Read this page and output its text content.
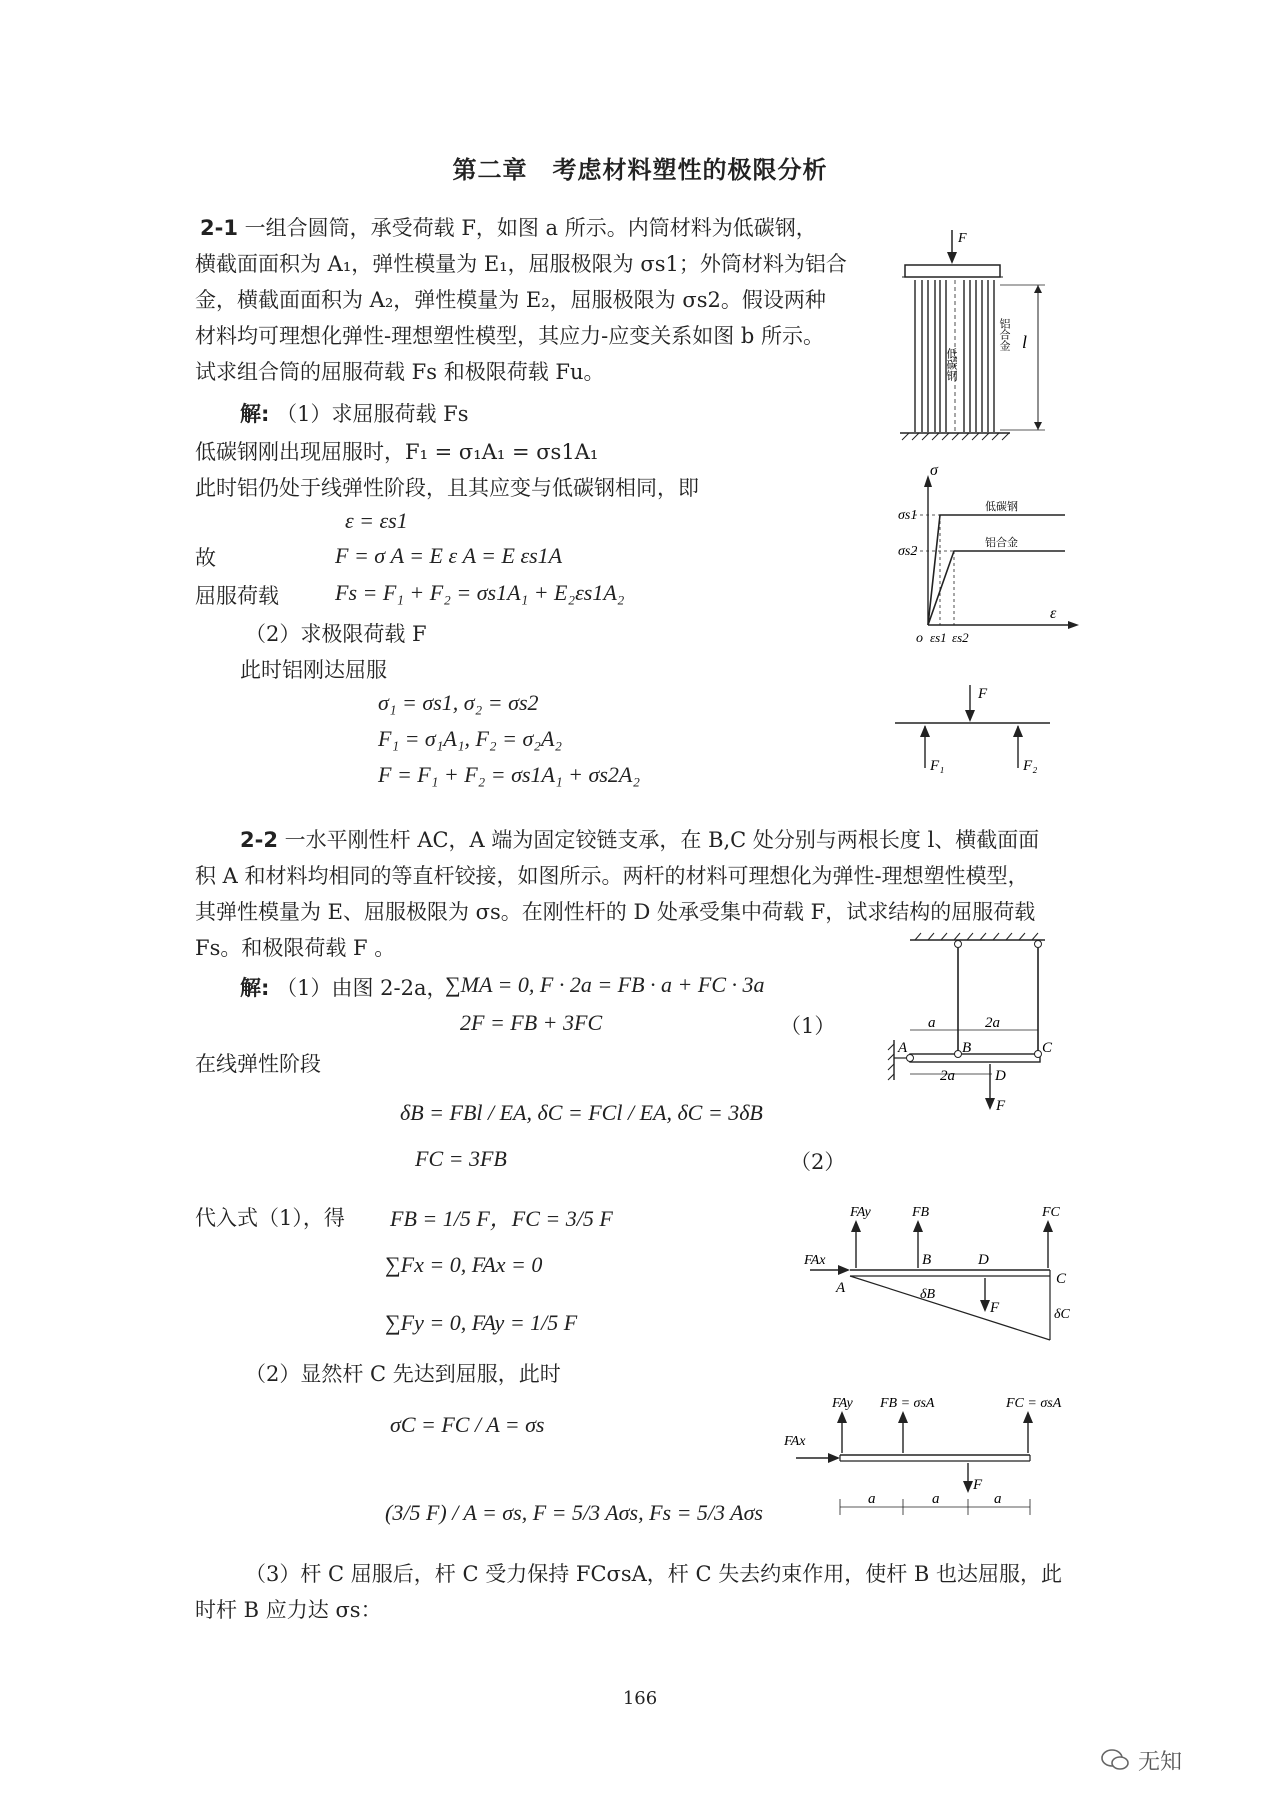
第二章　考虑材料塑性的极限分析
2-1 一组合圆筒，承受荷载 F，如图 a 所示。内筒材料为低碳钢，
横截面面积为 A₁，弹性模量为 E₁，屈服极限为 σs1；外筒材料为铝合
金，横截面面积为 A₂，弹性模量为 E₂，屈服极限为 σs2。假设两种
材料均可理想化弹性-理想塑性模型，其应力-应变关系如图 b 所示。
试求组合筒的屈服荷载 Fs 和极限荷载 Fu。
解: （1）求屈服荷载 Fs
低碳钢刚出现屈服时，F₁ = σ₁A₁ = σs1A₁
此时铝仍处于线弹性阶段，且其应变与低碳钢相同，即
ε = εs1
故	F = σ A = E ε A = E εs1A
屈服荷载	Fs = F₁ + F₂ = σs1A₁ + E₂εs1A₂
（2）求极限荷载 F
此时铝刚达屈服
σ₁ = σs1, σ₂ = σs2
F₁ = σ₁A₁, F₂ = σ₂A₂
F = F₁ + F₂ = σs1A₁ + σs2A₂
F
l
低碳钢
铝合金
σ
ε
σs1
σs2
低碳钢
铝合金
o εs1 εs2
F
F₁	F₂
2-2 一水平刚性杆 AC，A 端为固定铰链支承，在 B,C 处分别与两根长度 l、横截面面
积 A 和材料均相同的等直杆铰接，如图所示。两杆的材料可理想化为弹性-理想塑性模型，
其弹性模量为 E、屈服极限为 σs。在刚性杆的 D 处承受集中荷载 F，试求结构的屈服荷载
Fs。和极限荷载 F 。
解: （1）由图 2-2a，
∑MA = 0, F · 2a = FB · a + FC · 3a
2F = FB + 3FC	（1）
在线弹性阶段
δB = FBl / EA, δC = FCl / EA, δC = 3δB
FC = 3FB	（2）
代入式（1），得 FB = 1/5 F，FC = 3/5 F
∑Fx = 0, FAx = 0
∑Fy = 0, FAy = 1/5 F
（2）显然杆 C 先达到屈服，此时
σC = FC / A = σs
(3/5 F) / A = σs, F = 5/3 Aσs, Fs = 5/3 Aσs
（3）杆 C 屈服后，杆 C 受力保持 FCσsA，杆 C 失去约束作用，使杆 B 也达屈服，此
时杆 B 应力达 σs：
a	2a
A	B	C
2a	D
F
FAy	FB	FC
FAx
A
B	D
C
F
δB
δC
FAy FB = σsA	FC = σsA
FAx
F
a	a	a
166
无知
